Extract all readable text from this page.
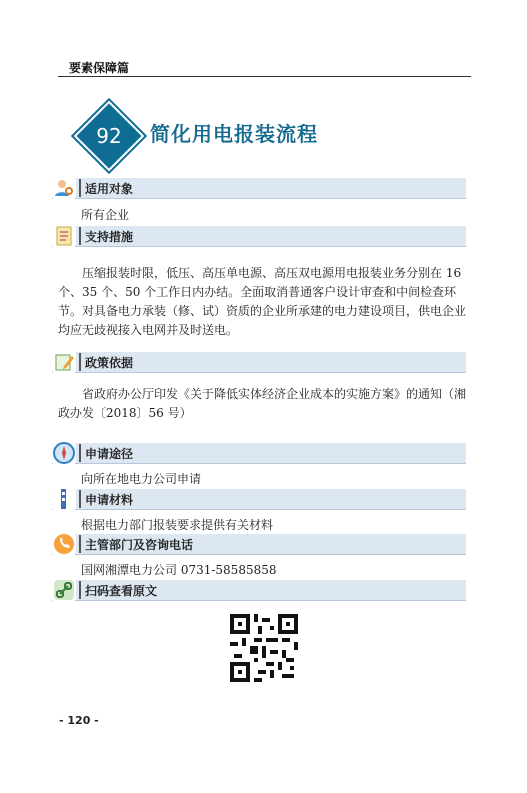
要素保障篇
92	简化用电报装流程
适用对象
所有企业
支持措施
压缩报装时限，低压、高压单电源、高压双电源用电报装业务分别在 16 个、35 个、50 个工作日内办结。全面取消普通客户设计审查和中间检查环节。对具备电力承装（修、试）资质的企业所承建的电力建设项目，供电企业均应无歧视接入电网并及时送电。
政策依据
省政府办公厅印发《关于降低实体经济企业成本的实施方案》的通知（湘政办发〔2018〕56 号）
申请途径
向所在地电力公司申请
申请材料
根据电力部门报装要求提供有关材料
主管部门及咨询电话
国网湘潭电力公司 0731-58585858
扫码查看原文
- 120 -
